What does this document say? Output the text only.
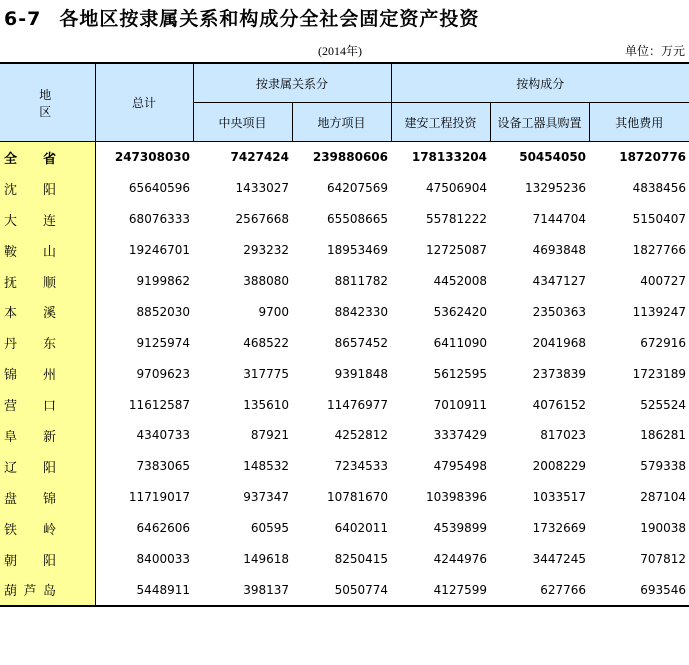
6-7 各地区按隶属关系和构成分全社会固定资产投资
(2014年)	单位：万元
地 区	总计	按隶属关系分		按构成分		
		中央项目	地方项目	建安工程投资	设备工器具购置	其他费用

全 省	247308030	7427424	239880606	178133204	50454050	18720776

沈 阳	65640596	1433027	64207569	47506904	13295236	4838456

大 连	68076333	2567668	65508665	55781222	7144704	5150407

鞍 山	19246701	293232	18953469	12725087	4693848	1827766

抚 顺	9199862	388080	8811782	4452008	4347127	400727

本 溪	8852030	9700	8842330	5362420	2350363	1139247

丹 东	9125974	468522	8657452	6411090	2041968	672916

锦 州	9709623	317775	9391848	5612595	2373839	1723189

营 口	11612587	135610	11476977	7010911	4076152	525524

阜 新	4340733	87921	4252812	3337429	817023	186281

辽 阳	7383065	148532	7234533	4795498	2008229	579338

盘 锦	11719017	937347	10781670	10398396	1033517	287104

铁 岭	6462606	60595	6402011	4539899	1732669	190038

朝 阳	8400033	149618	8250415	4244976	3447245	707812

葫 芦 岛	5448911	398137	5050774	4127599	627766	693546
